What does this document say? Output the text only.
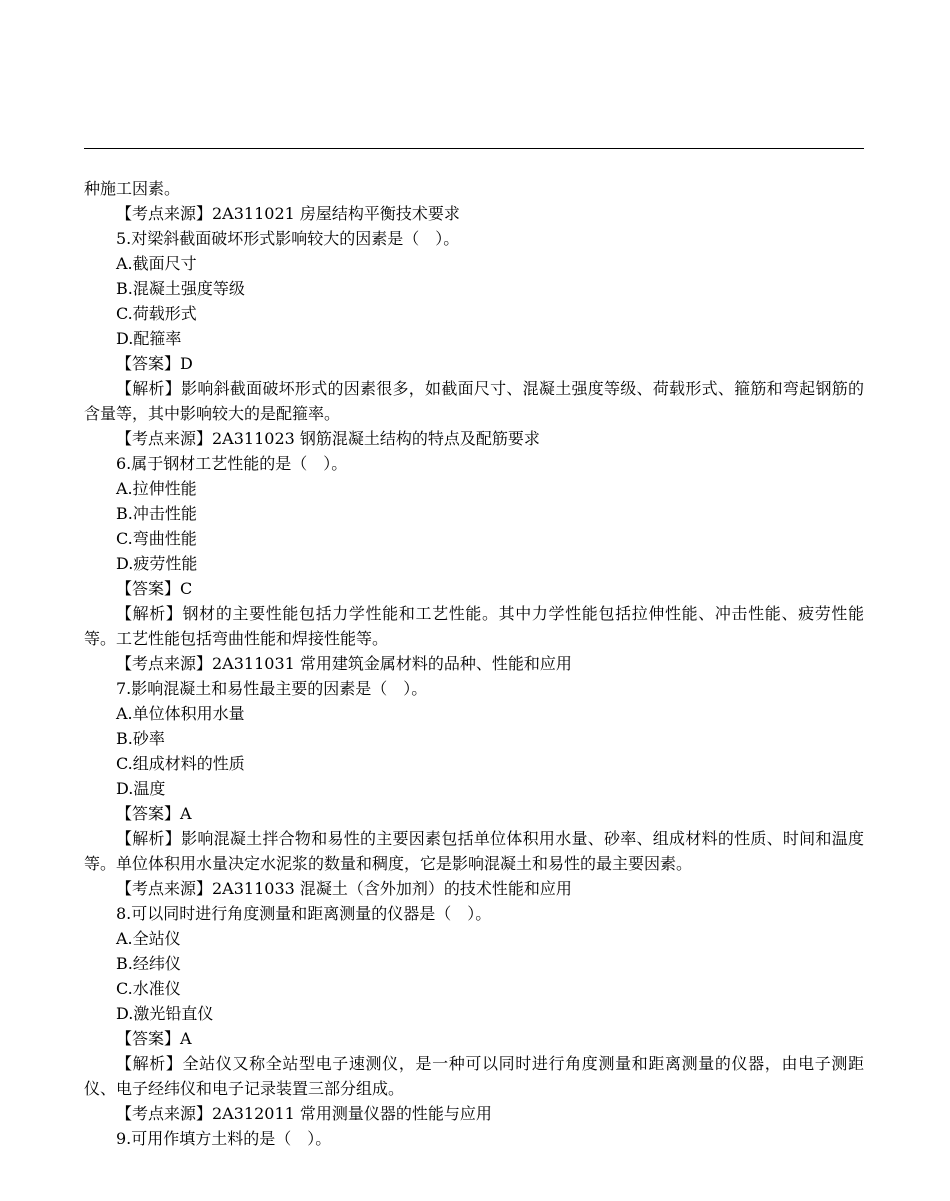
种施工因素。

【考点来源】2A311021 房屋结构平衡技术要求

5.对梁斜截面破坏形式影响较大的因素是（　）。

A.截面尺寸

B.混凝土强度等级

C.荷载形式

D.配箍率

【答案】D

【解析】影响斜截面破坏形式的因素很多，如截面尺寸、混凝土强度等级、荷载形式、箍筋和弯起钢筋的含量等，其中影响较大的是配箍率。

【考点来源】2A311023 钢筋混凝土结构的特点及配筋要求

6.属于钢材工艺性能的是（　）。

A.拉伸性能

B.冲击性能

C.弯曲性能

D.疲劳性能

【答案】C

【解析】钢材的主要性能包括力学性能和工艺性能。其中力学性能包括拉伸性能、冲击性能、疲劳性能等。工艺性能包括弯曲性能和焊接性能等。

【考点来源】2A311031 常用建筑金属材料的品种、性能和应用

7.影响混凝土和易性最主要的因素是（　）。

A.单位体积用水量

B.砂率

C.组成材料的性质

D.温度

【答案】A

【解析】影响混凝土拌合物和易性的主要因素包括单位体积用水量、砂率、组成材料的性质、时间和温度等。单位体积用水量决定水泥浆的数量和稠度，它是影响混凝土和易性的最主要因素。

【考点来源】2A311033 混凝土（含外加剂）的技术性能和应用

8.可以同时进行角度测量和距离测量的仪器是（　）。

A.全站仪

B.经纬仪

C.水准仪

D.激光铅直仪

【答案】A

【解析】全站仪又称全站型电子速测仪，是一种可以同时进行角度测量和距离测量的仪器，由电子测距仪、电子经纬仪和电子记录装置三部分组成。

【考点来源】2A312011 常用测量仪器的性能与应用

9.可用作填方土料的是（　）。
